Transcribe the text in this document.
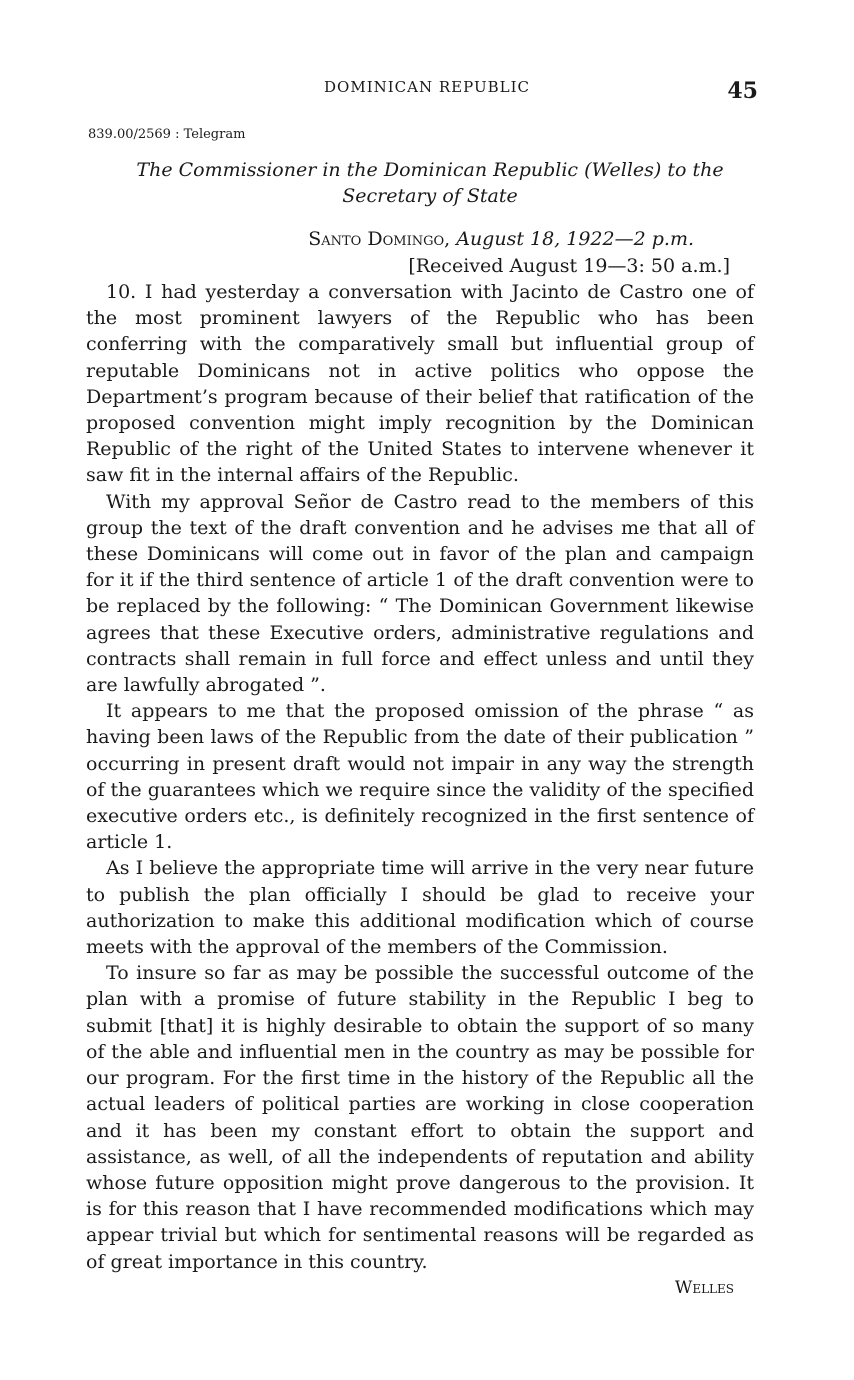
DOMINICAN REPUBLIC	45
839.00/2569 : Telegram
The Commissioner in the Dominican Republic (Welles) to the
Secretary of State
Santo Domingo, August 18, 1922—2 p.m.
[Received August 19—3: 50 a.m.]

10. I had yesterday a conversation with Jacinto de Castro one of the most prominent lawyers of the Republic who has been conferring with the comparatively small but influential group of reputable Dominicans not in active politics who oppose the Department’s program because of their belief that ratification of the proposed convention might imply recognition by the Dominican Republic of the right of the United States to intervene whenever it saw fit in the internal affairs of the Republic.

With my approval Señor de Castro read to the members of this group the text of the draft convention and he advises me that all of these Dominicans will come out in favor of the plan and campaign for it if the third sentence of article 1 of the draft convention were to be replaced by the following: “ The Dominican Government likewise agrees that these Executive orders, administrative regulations and contracts shall remain in full force and effect unless and until they are lawfully abrogated ”.

It appears to me that the proposed omission of the phrase “ as having been laws of the Republic from the date of their publication ” occurring in present draft would not impair in any way the strength of the guarantees which we require since the validity of the specified executive orders etc., is definitely recognized in the first sentence of article 1.

As I believe the appropriate time will arrive in the very near future to publish the plan officially I should be glad to receive your authorization to make this additional modification which of course meets with the approval of the members of the Commission.

To insure so far as may be possible the successful outcome of the plan with a promise of future stability in the Republic I beg to submit [that] it is highly desirable to obtain the support of so many of the able and influential men in the country as may be possible for our program. For the first time in the history of the Republic all the actual leaders of political parties are working in close cooperation and it has been my constant effort to obtain the support and assistance, as well, of all the independents of reputation and ability whose future opposition might prove dangerous to the provision. It is for this reason that I have recommended modifications which may appear trivial but which for sentimental reasons will be regarded as of great importance in this country.

Welles
